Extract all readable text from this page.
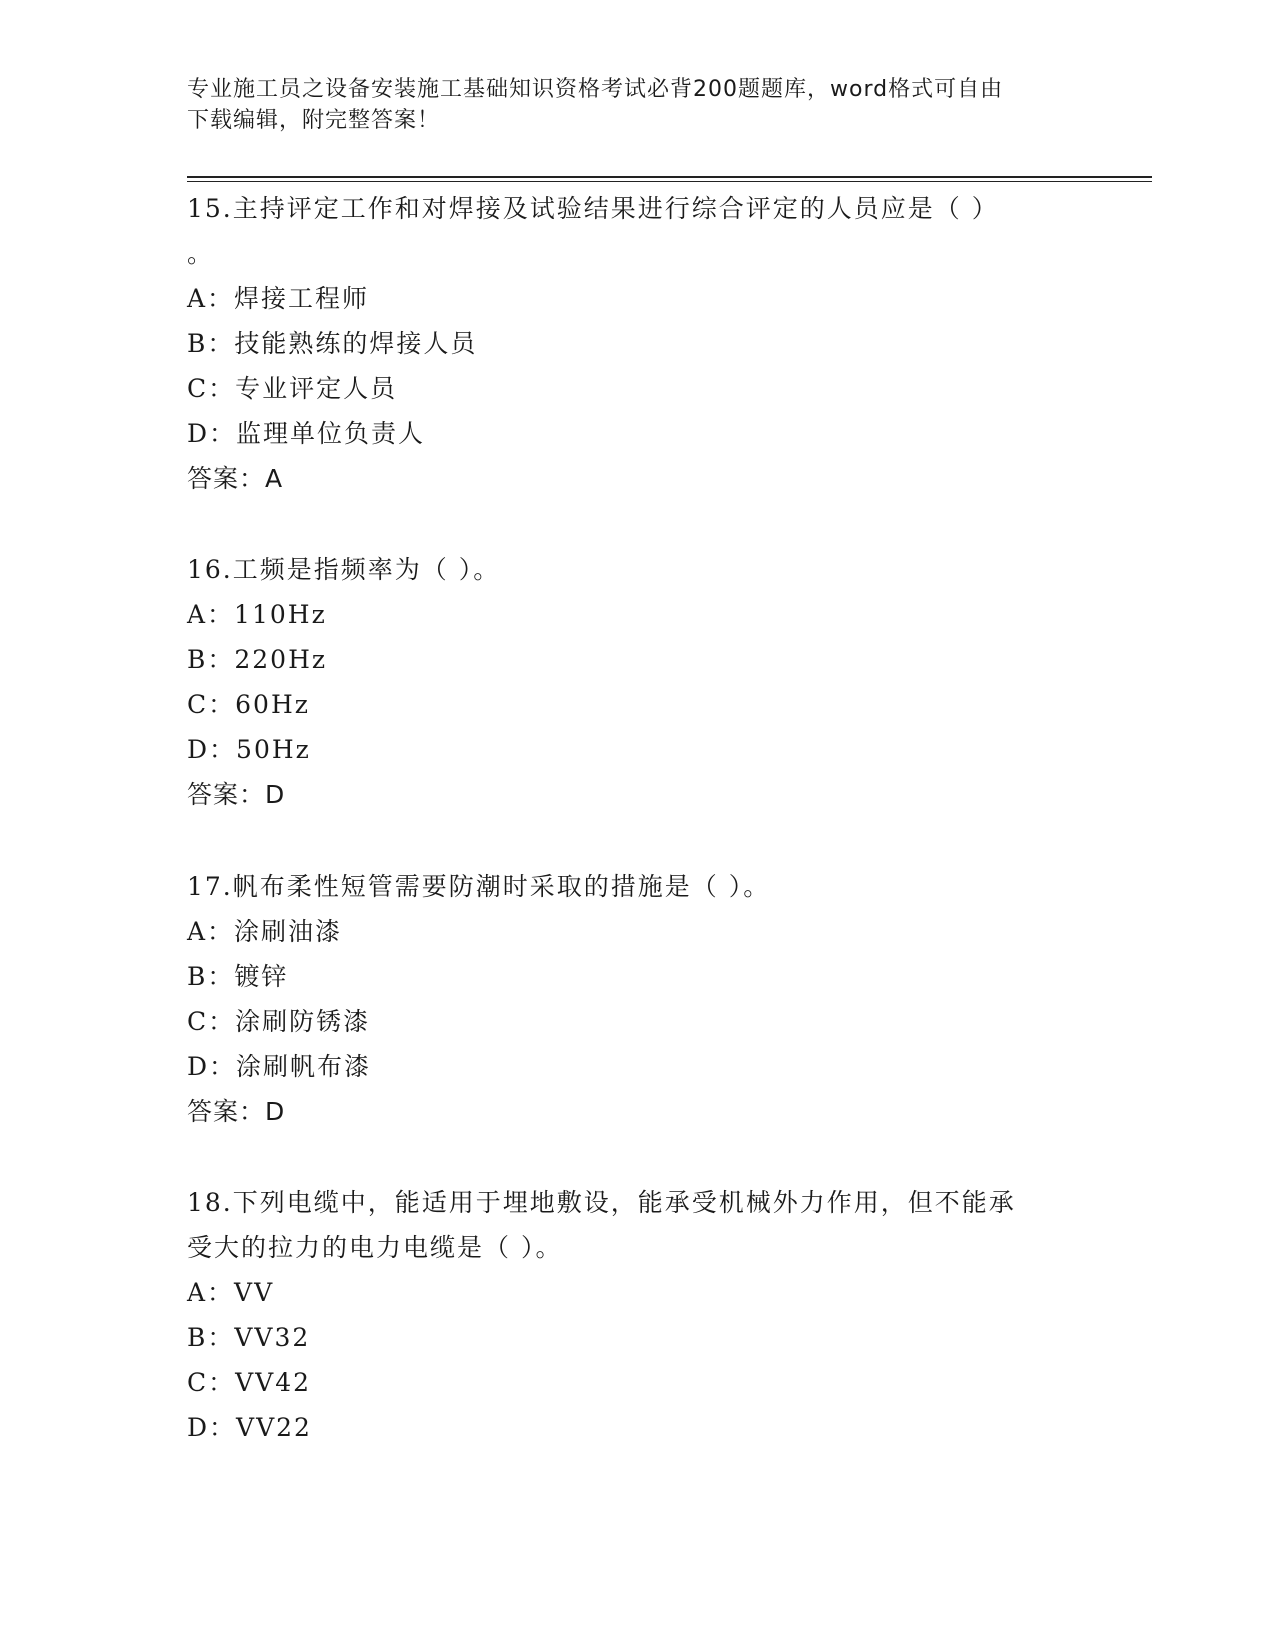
专业施工员之设备安装施工基础知识资格考试必背200题题库，word格式可自由
下载编辑，附完整答案！

15.主持评定工作和对焊接及试验结果进行综合评定的人员应是（ ）

。

A：焊接工程师

B：技能熟练的焊接人员

C：专业评定人员

D：监理单位负责人

答案：A

16.工频是指频率为（ ）。

A：110Hz

B：220Hz

C：60Hz

D：50Hz

答案：D

17.帆布柔性短管需要防潮时采取的措施是（ ）。

A：涂刷油漆

B：镀锌

C：涂刷防锈漆

D：涂刷帆布漆

答案：D

18.下列电缆中，能适用于埋地敷设，能承受机械外力作用，但不能承

受大的拉力的电力电缆是（ ）。

A：VV

B：VV32

C：VV42

D：VV22
